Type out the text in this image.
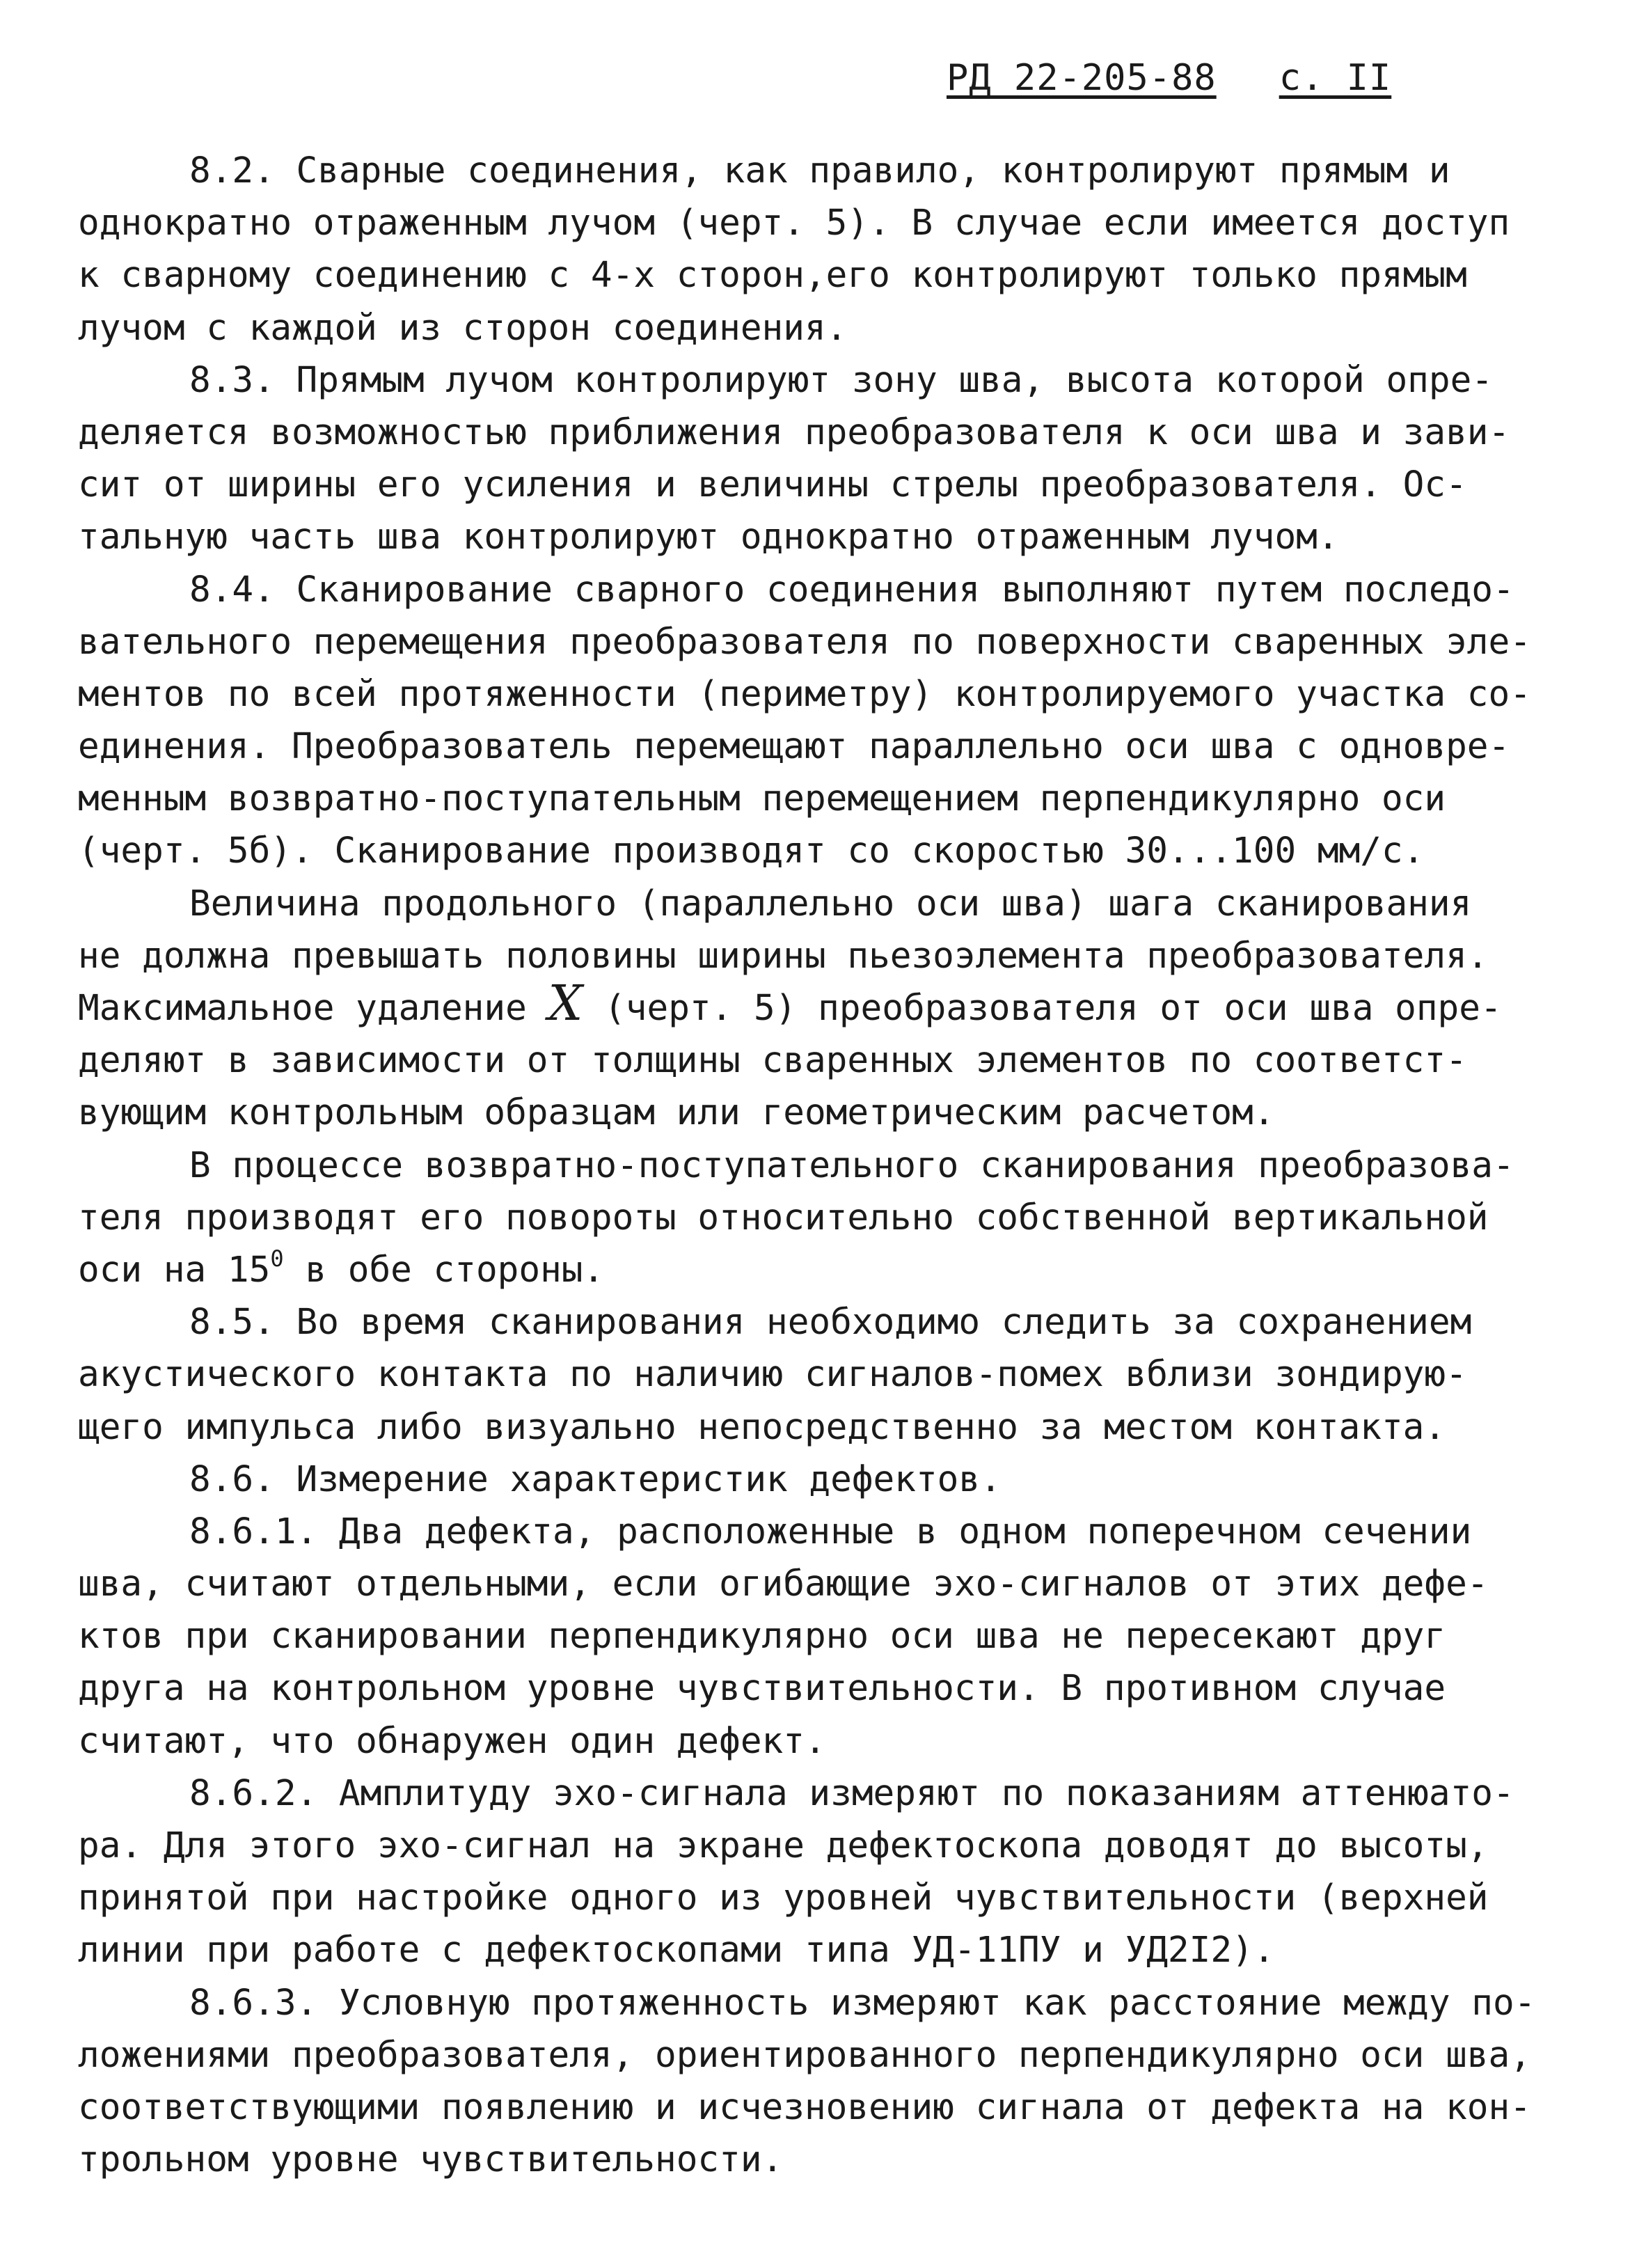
РД 22-205-88 с. II
8.2. Сварные соединения, как правило, контролируют прямым и
однократно отраженным лучом (черт. 5). В случае если имеется доступ
к сварному соединению с 4-х сторон,его контролируют только прямым
лучом с каждой из сторон соединения.
8.3. Прямым лучом контролируют зону шва, высота которой опре-
деляется возможностью приближения преобразователя к оси шва и зави-
сит от ширины его усиления и величины стрелы преобразователя. Ос-
тальную часть шва контролируют однократно отраженным лучом.
8.4. Сканирование сварного соединения выполняют путем последо-
вательного перемещения преобразователя по поверхности сваренных эле-
ментов по всей протяженности (периметру) контролируемого участка со-
единения. Преобразователь перемещают параллельно оси шва с одновре-
менным возвратно-поступательным перемещением перпендикулярно оси
(черт. 5б). Сканирование производят со скоростью 30...100 мм/с.
Величина продольного (параллельно оси шва) шага сканирования
не должна превышать половины ширины пьезоэлемента преобразователя.
Максимальное удаление X (черт. 5) преобразователя от оси шва опре-
деляют в зависимости от толщины сваренных элементов по соответст-
вующим контрольным образцам или геометрическим расчетом.
В процессе возвратно-поступательного сканирования преобразова-
теля производят его повороты относительно собственной вертикальной
оси на $15^0$ в обе стороны.
8.5. Во время сканирования необходимо следить за сохранением
акустического контакта по наличию сигналов-помех вблизи зондирую-
щего импульса либо визуально непосредственно за местом контакта.
8.6. Измерение характеристик дефектов.
8.6.1. Два дефекта, расположенные в одном поперечном сечении
шва, считают отдельными, если огибающие эхо-сигналов от этих дефе-
ктов при сканировании перпендикулярно оси шва не пересекают друг
друга на контрольном уровне чувствительности. В противном случае
считают, что обнаружен один дефект.
8.6.2. Амплитуду эхо-сигнала измеряют по показаниям аттенюато-
ра. Для этого эхо-сигнал на экране дефектоскопа доводят до высоты,
принятой при настройке одного из уровней чувствительности (верхней
линии при работе с дефектоскопами типа УД-11ПУ и УД2I2).
8.6.3. Условную протяженность измеряют как расстояние между по-
ложениями преобразователя, ориентированного перпендикулярно оси шва,
соответствующими появлению и исчезновению сигнала от дефекта на кон-
трольном уровне чувствительности.
